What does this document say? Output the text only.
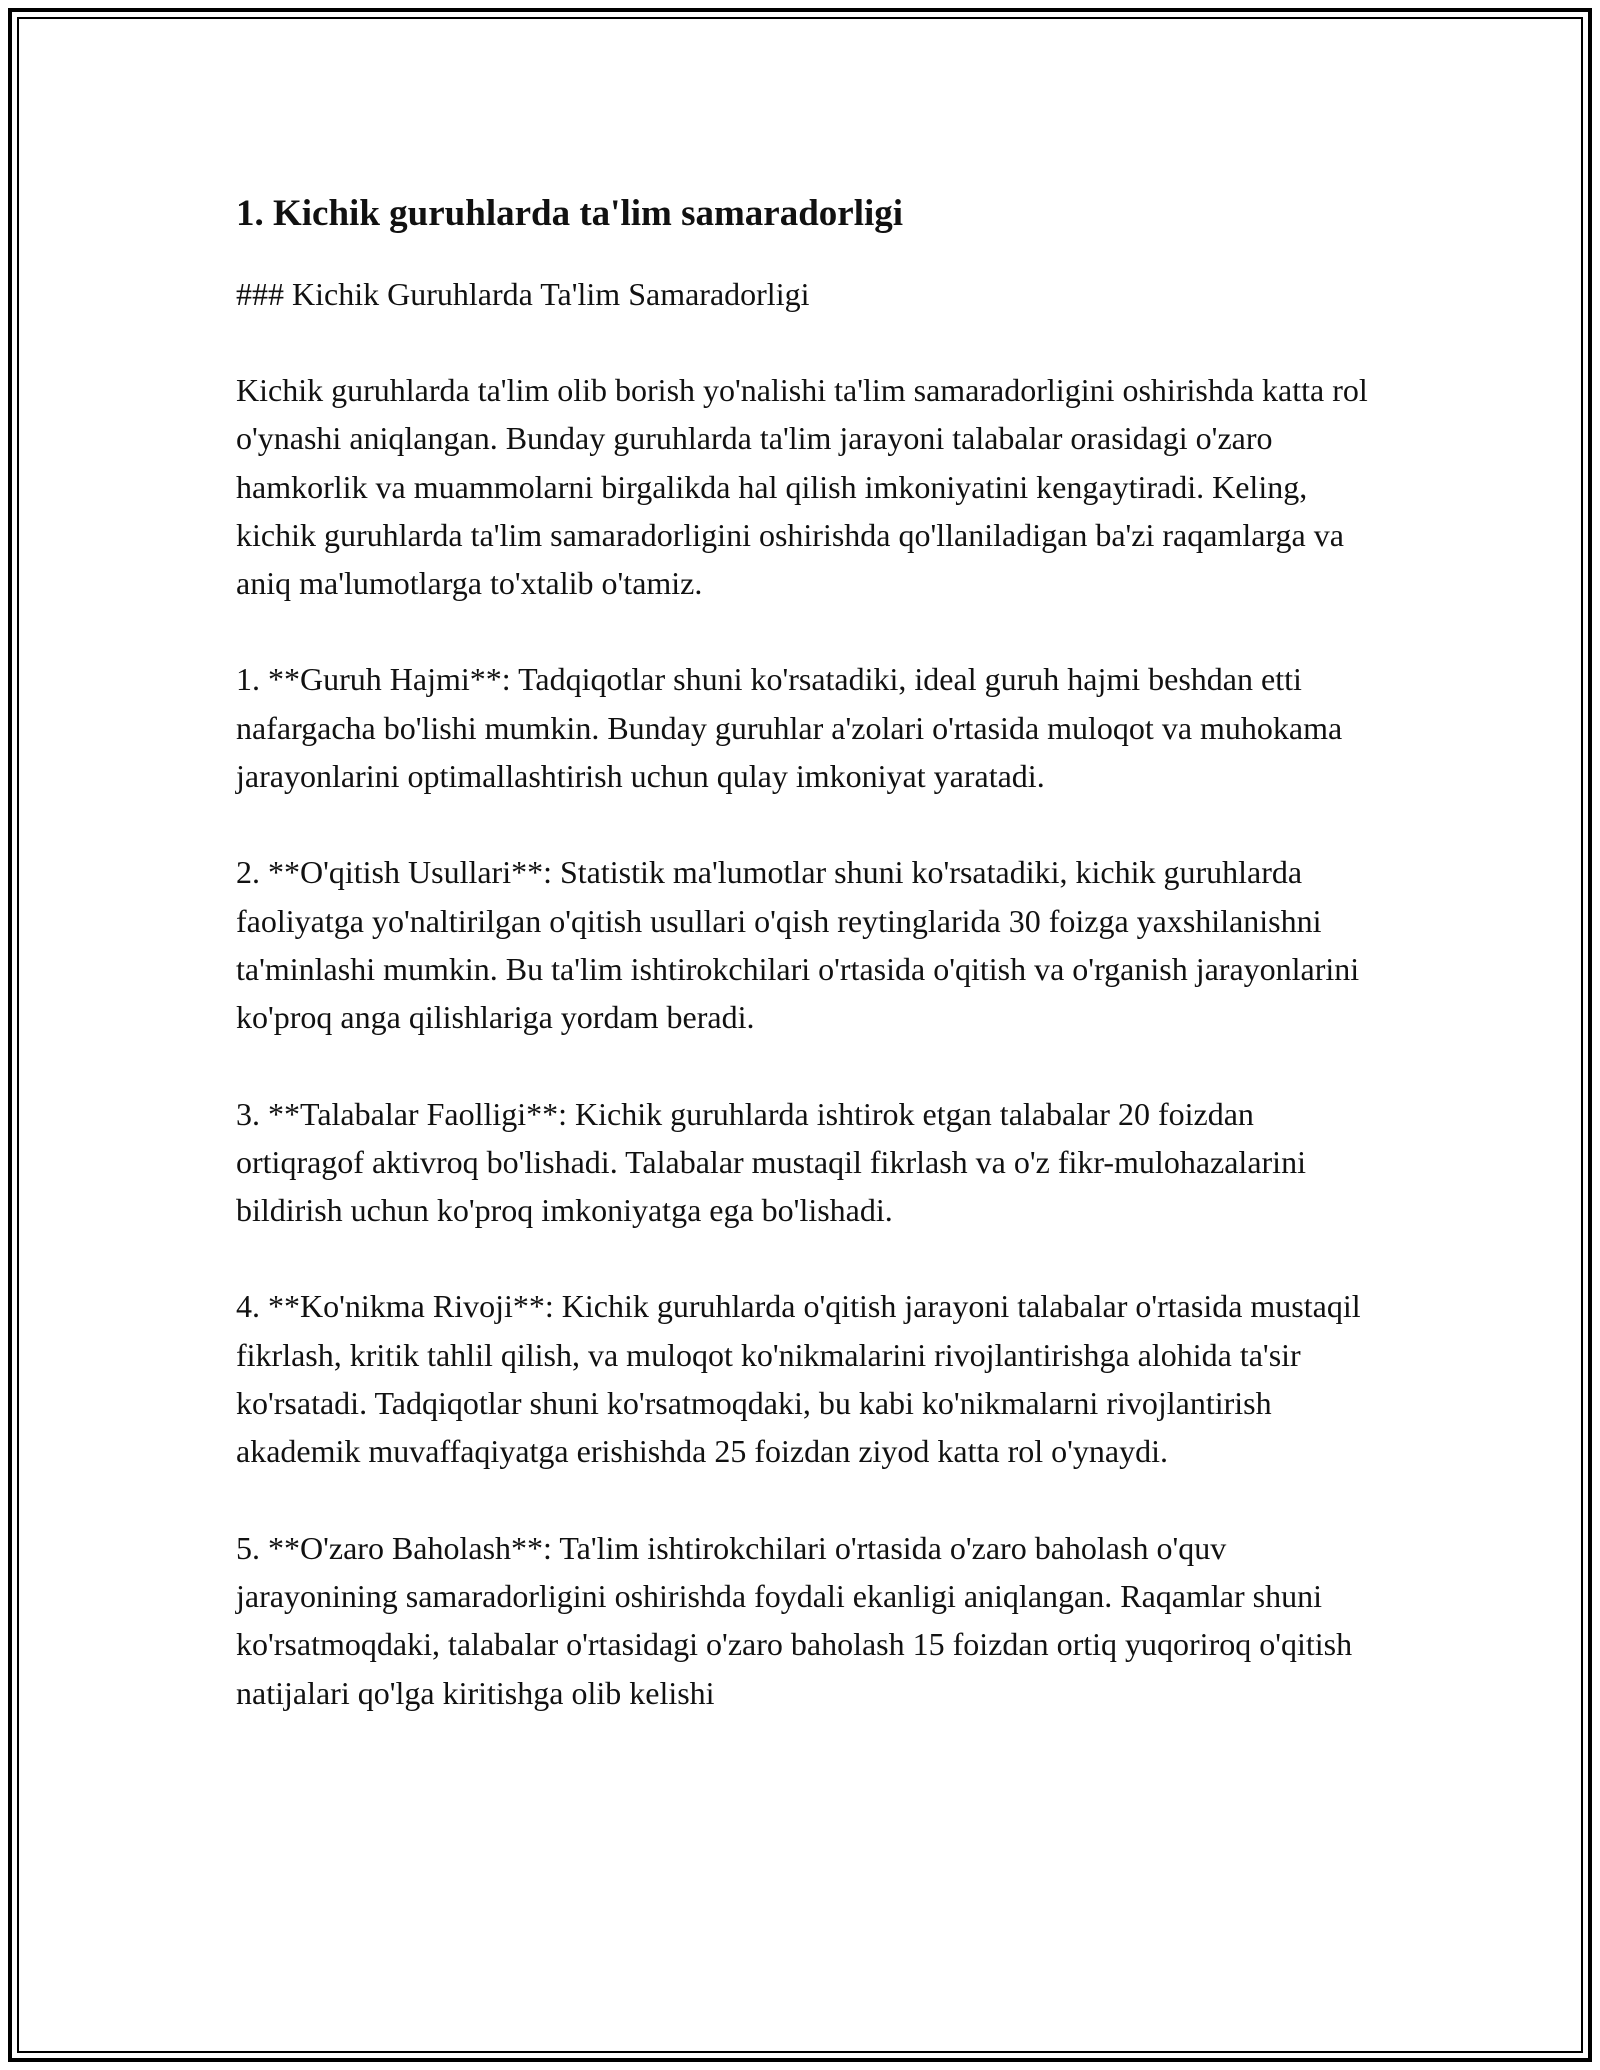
1. Kichik guruhlarda ta'lim samaradorligi

### Kichik Guruhlarda Ta'lim Samaradorligi

Kichik guruhlarda ta'lim olib borish yo'nalishi ta'lim samaradorligini oshirishda katta rol o'ynashi aniqlangan. Bunday guruhlarda ta'lim jarayoni talabalar orasidagi o'zaro hamkorlik va muammolarni birgalikda hal qilish imkoniyatini kengaytiradi. Keling, kichik guruhlarda ta'lim samaradorligini oshirishda qo'llaniladigan ba'zi raqamlarga va aniq ma'lumotlarga to'xtalib o'tamiz.

1. **Guruh Hajmi**: Tadqiqotlar shuni ko'rsatadiki, ideal guruh hajmi beshdan etti nafargacha bo'lishi mumkin. Bunday guruhlar a'zolari o'rtasida muloqot va muhokama jarayonlarini optimallashtirish uchun qulay imkoniyat yaratadi.

2. **O'qitish Usullari**: Statistik ma'lumotlar shuni ko'rsatadiki, kichik guruhlarda faoliyatga yo'naltirilgan o'qitish usullari o'qish reytinglarida 30 foizga yaxshilanishni ta'minlashi mumkin. Bu ta'lim ishtirokchilari o'rtasida o'qitish va o'rganish jarayonlarini ko'proq anga qilishlariga yordam beradi.

3. **Talabalar Faolligi**: Kichik guruhlarda ishtirok etgan talabalar 20 foizdan ortiqragof aktivroq bo'lishadi. Talabalar mustaqil fikrlash va o'z fikr-mulohazalarini bildirish uchun ko'proq imkoniyatga ega bo'lishadi.

4. **Ko'nikma Rivoji**: Kichik guruhlarda o'qitish jarayoni talabalar o'rtasida mustaqil fikrlash, kritik tahlil qilish, va muloqot ko'nikmalarini rivojlantirishga alohida ta'sir ko'rsatadi. Tadqiqotlar shuni ko'rsatmoqdaki, bu kabi ko'nikmalarni rivojlantirish akademik muvaffaqiyatga erishishda 25 foizdan ziyod katta rol o'ynaydi.

5. **O'zaro Baholash**: Ta'lim ishtirokchilari o'rtasida o'zaro baholash o'quv jarayonining samaradorligini oshirishda foydali ekanligi aniqlangan. Raqamlar shuni ko'rsatmoqdaki, talabalar o'rtasidagi o'zaro baholash 15 foizdan ortiq yuqoriroq o'qitish natijalari qo'lga kiritishga olib kelishi
